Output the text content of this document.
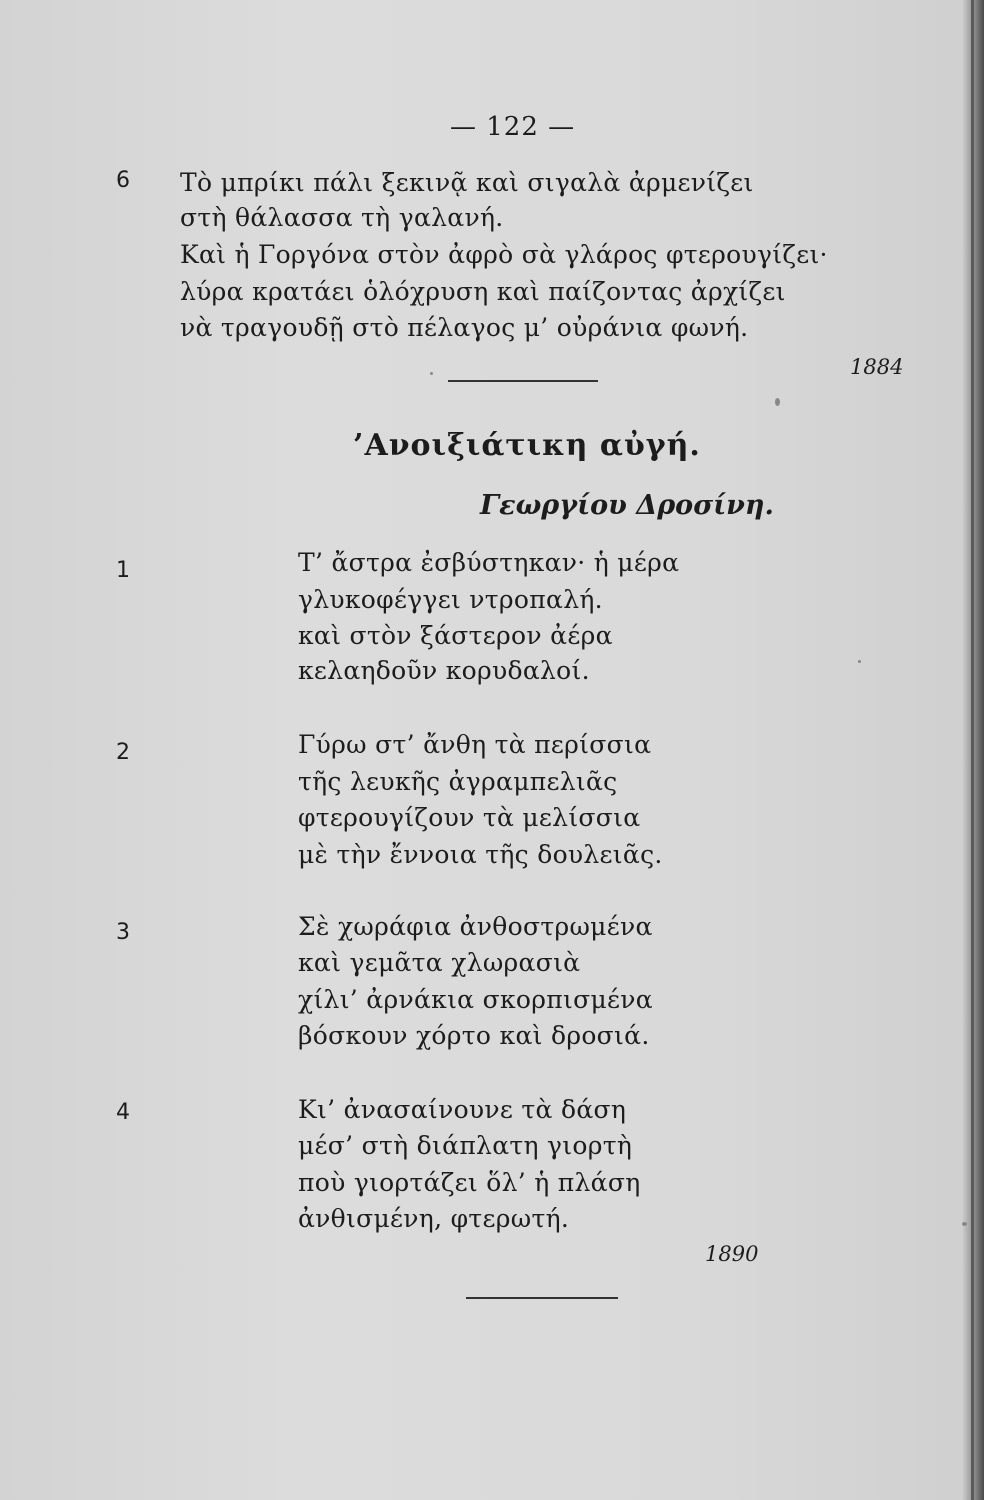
— 122 —
6 Τὸ μπρίκι πάλι ξεκινᾷ καὶ σιγαλὰ ἀρμενίζει
στὴ θάλασσα τὴ γαλανή.
Καὶ ἡ Γοργόνα στὸν ἀφρὸ σὰ γλάρος φτερουγίζει·
λύρα κρατάει ὁλόχρυση καὶ παίζοντας ἀρχίζει
νὰ τραγουδῇ στὸ πέλαγος μ’ οὐράνια φωνή.
1884
’Ανοιξιάτικη αὐγή.
Γεωργίου Δροσίνη.
1	Τ’ ἄστρα ἐσβύστηκαν· ἡ μέρα
γλυκοφέγγει ντροπαλή.
καὶ στὸν ξάστερον ἀέρα
κελαηδοῦν κορυδαλοί.
2	Γύρω στ’ ἄνθη τὰ περίσσια
τῆς λευκῆς ἀγραμπελιᾶς
φτερουγίζουν τὰ μελίσσια
μὲ τὴν ἔννοια τῆς δουλειᾶς.
3	Σὲ χωράφια ἀνθοστρωμένα
καὶ γεμᾶτα χλωρασιὰ
χίλι’ ἀρνάκια σκορπισμένα
βόσκουν χόρτο καὶ δροσιά.
4	Κι’ ἀνασαίνουνε τὰ δάση
μέσ’ στὴ διάπλατη γιορτὴ
ποὺ γιορτάζει ὅλ’ ἡ πλάση
ἀνθισμένη, φτερωτή.
1890
